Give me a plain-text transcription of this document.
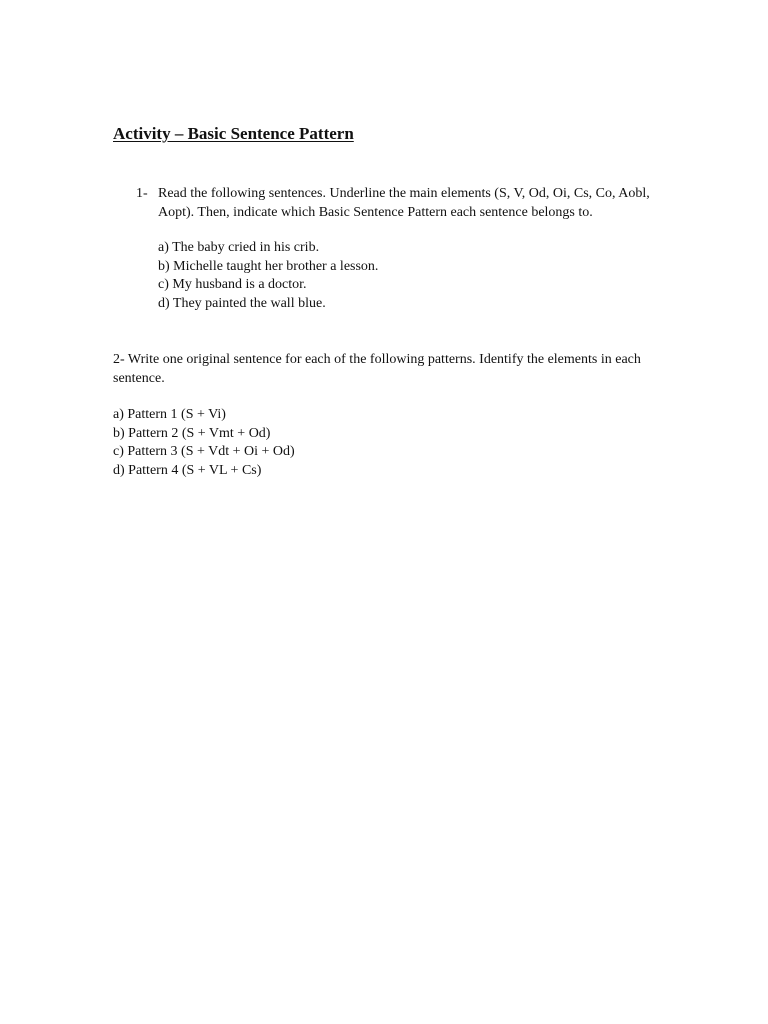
Activity – Basic Sentence Pattern
1- Read the following sentences. Underline the main elements (S, V, Od, Oi, Cs, Co, Aobl, Aopt). Then, indicate which Basic Sentence Pattern each sentence belongs to.
a) The baby cried in his crib.
b) Michelle taught her brother a lesson.
c) My husband is a doctor.
d) They painted the wall blue.
2- Write one original sentence for each of the following patterns. Identify the elements in each sentence.
a) Pattern 1 (S + Vi)
b) Pattern 2 (S + Vmt + Od)
c) Pattern 3 (S + Vdt + Oi + Od)
d) Pattern 4 (S + VL + Cs)
